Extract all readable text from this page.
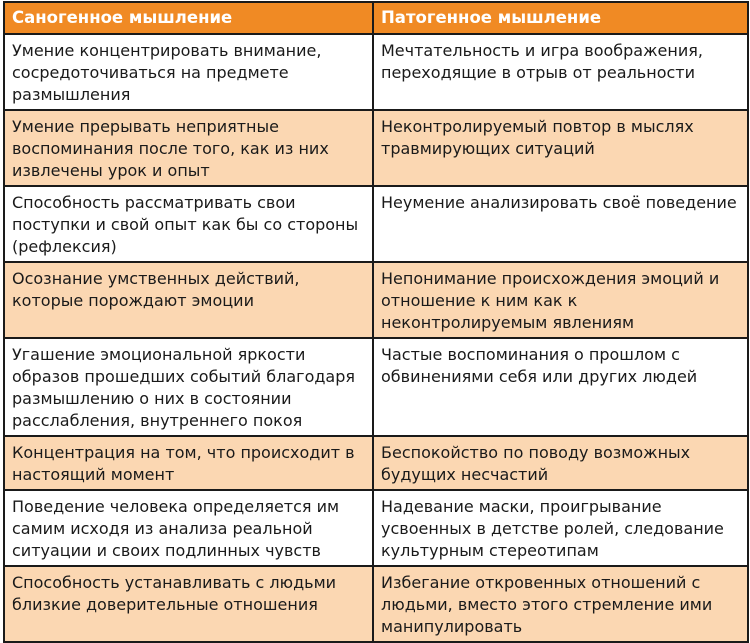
Саногенное мышление	Патогенное мышление

Умение концентрировать внимание, сосредоточиваться на предмете размышления	Мечтательность и игра воображения, переходящие в отрыв от реальности

Умение прерывать неприятные воспоминания после того, как из них извлечены урок и опыт	Неконтролируемый повтор в мыслях травмирующих ситуаций

Способность рассматривать свои поступки и свой опыт как бы со стороны (рефлексия)	Неумение анализировать своё поведение

Осознание умственных действий, которые порождают эмоции	Непонимание происхождения эмоций и отношение к ним как к неконтролируемым явлениям

Угашение эмоциональной яркости образов прошедших событий благодаря размышлению о них в состоянии расслабления, внутреннего покоя	Частые воспоминания о прошлом с обвинениями себя или других людей

Концентрация на том, что происходит в настоящий момент	Беспокойство по поводу возможных будущих несчастий

Поведение человека определяется им самим исходя из анализа реальной ситуации и своих подлинных чувств	Надевание маски, проигрывание усвоенных в детстве ролей, следование культурным стереотипам

Способность устанавливать с людьми близкие доверительные отношения	Избегание откровенных отношений с людьми, вместо этого стремление ими манипулировать
